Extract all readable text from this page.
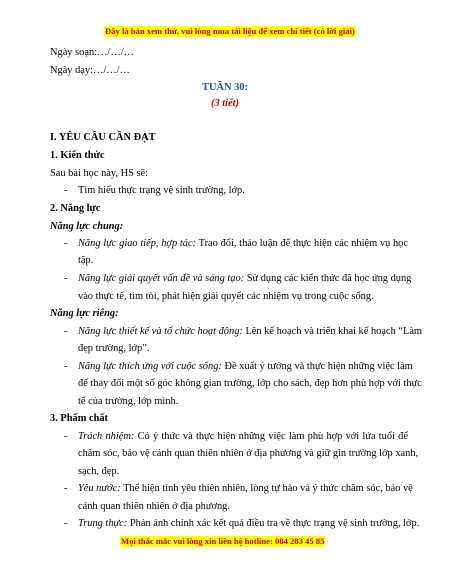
Đây là bản xem thử, vui lòng mua tài liệu để xem chi tiết (có lời giải)
Ngày soạn:…/…/…
Ngày dạy:…/…/…
TUẦN 30:
(3 tiết)
I. YÊU CẦU CẦN ĐẠT
1. Kiến thức
Sau bài học này, HS sẽ:
- Tìm hiểu thực trạng vệ sinh trường, lớp.
2. Năng lực
Năng lực chung:
- Năng lực giao tiếp, hợp tác: Trao đổi, thảo luận để thực hiện các nhiệm vụ học
tập.
- Năng lực giải quyết vấn đề và sáng tạo: Sử dụng các kiến thức đã học ứng dụng
vào thực tế, tìm tòi, phát hiện giải quyết các nhiệm vụ trong cuộc sống.
Năng lực riêng:
- Năng lực thiết kế và tổ chức hoạt động: Lên kế hoạch và triển khai kế hoạch “Làm
đẹp trường, lớp”.
- Năng lực thích ứng với cuộc sống: Đề xuất ý tưởng và thực hiện những việc làm
để thay đổi một số góc không gian trường, lớp cho sách, đẹp hơn phù hợp với thực
tế của trường, lớp mình.
3. Phẩm chất
- Trách nhiệm: Có ý thức và thực hiện những việc làm phù hợp với lứa tuổi để
chăm sóc, bảo vệ cảnh quan thiên nhiên ở địa phương và giữ gìn trường lớp xanh,
sạch, đẹp.
- Yêu nước: Thể hiện tình yêu thiên nhiên, lòng tự hào và ý thức chăm sóc, bảo vệ
cảnh quan thiên nhiên ở địa phương.
- Trung thực: Phản ánh chính xác kết quả điều tra về thực trạng vệ sinh trường, lớp.
Mọi thắc mắc vui lòng xin liên hệ hotline: 084 283 45 85
